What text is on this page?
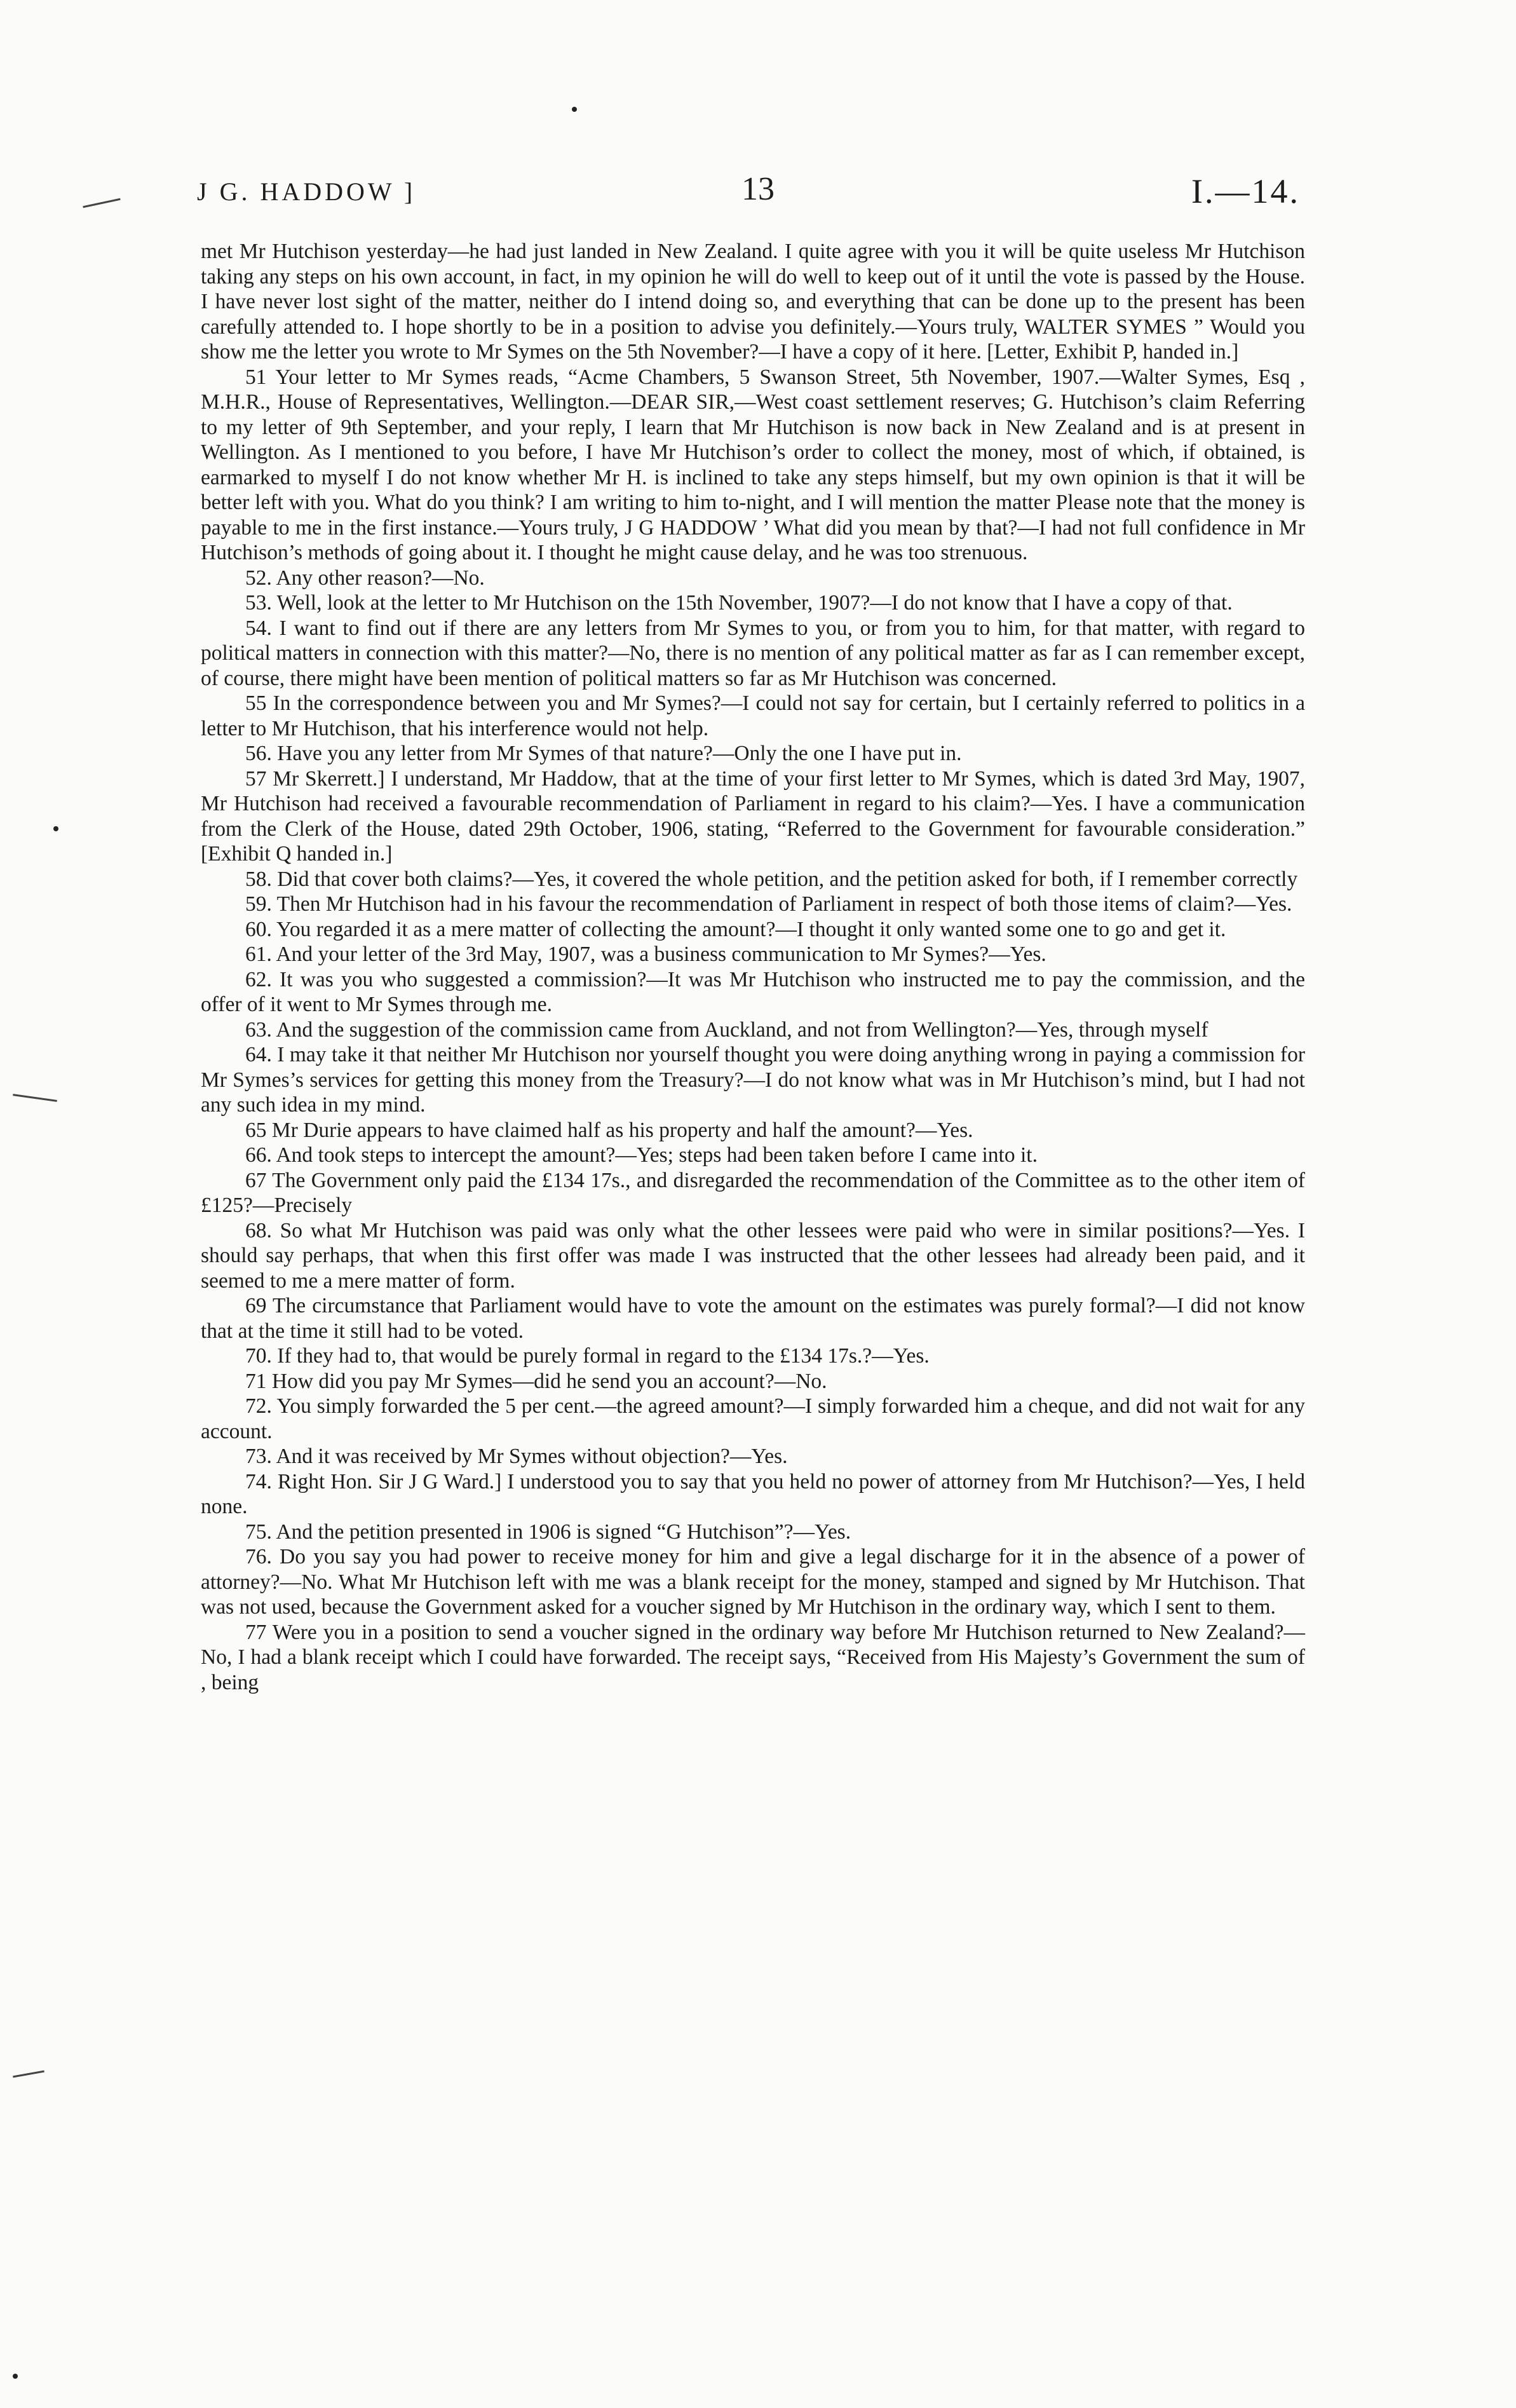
J G. HADDOW ]	13	I.—14.

met Mr Hutchison yesterday—he had just landed in New Zealand. I quite agree with you it will be quite useless Mr Hutchison taking any steps on his own account, in fact, in my opinion he will do well to keep out of it until the vote is passed by the House. I have never lost sight of the matter, neither do I intend doing so, and everything that can be done up to the present has been carefully attended to. I hope shortly to be in a position to advise you definitely.—Yours truly, WALTER SYMES ” Would you show me the letter you wrote to Mr Symes on the 5th November?—I have a copy of it here. [Letter, Exhibit P, handed in.]

51 Your letter to Mr Symes reads, “Acme Chambers, 5 Swanson Street, 5th November, 1907.—Walter Symes, Esq , M.H.R., House of Representatives, Wellington.—DEAR SIR,—West coast settlement reserves; G. Hutchison’s claim Referring to my letter of 9th September, and your reply, I learn that Mr Hutchison is now back in New Zealand and is at present in Wellington. As I mentioned to you before, I have Mr Hutchison’s order to collect the money, most of which, if obtained, is earmarked to myself I do not know whether Mr H. is inclined to take any steps himself, but my own opinion is that it will be better left with you. What do you think? I am writing to him to-night, and I will mention the matter Please note that the money is payable to me in the first instance.—Yours truly, J G HADDOW ’ What did you mean by that?—I had not full confidence in Mr Hutchison’s methods of going about it. I thought he might cause delay, and he was too strenuous.

52. Any other reason?—No.

53. Well, look at the letter to Mr Hutchison on the 15th November, 1907?—I do not know that I have a copy of that.

54. I want to find out if there are any letters from Mr Symes to you, or from you to him, for that matter, with regard to political matters in connection with this matter?—No, there is no mention of any political matter as far as I can remember except, of course, there might have been mention of political matters so far as Mr Hutchison was concerned.

55 In the correspondence between you and Mr Symes?—I could not say for certain, but I certainly referred to politics in a letter to Mr Hutchison, that his interference would not help.

56. Have you any letter from Mr Symes of that nature?—Only the one I have put in.

57 Mr Skerrett.] I understand, Mr Haddow, that at the time of your first letter to Mr Symes, which is dated 3rd May, 1907, Mr Hutchison had received a favourable recommendation of Parliament in regard to his claim?—Yes. I have a communication from the Clerk of the House, dated 29th October, 1906, stating, “Referred to the Government for favourable consideration.” [Exhibit Q handed in.]

58. Did that cover both claims?—Yes, it covered the whole petition, and the petition asked for both, if I remember correctly

59. Then Mr Hutchison had in his favour the recommendation of Parliament in respect of both those items of claim?—Yes.

60. You regarded it as a mere matter of collecting the amount?—I thought it only wanted some one to go and get it.

61. And your letter of the 3rd May, 1907, was a business communication to Mr Symes?—Yes.

62. It was you who suggested a commission?—It was Mr Hutchison who instructed me to pay the commission, and the offer of it went to Mr Symes through me.

63. And the suggestion of the commission came from Auckland, and not from Wellington?—Yes, through myself

64. I may take it that neither Mr Hutchison nor yourself thought you were doing anything wrong in paying a commission for Mr Symes’s services for getting this money from the Treasury?—I do not know what was in Mr Hutchison’s mind, but I had not any such idea in my mind.

65 Mr Durie appears to have claimed half as his property and half the amount?—Yes.

66. And took steps to intercept the amount?—Yes; steps had been taken before I came into it.

67 The Government only paid the £134 17s., and disregarded the recommendation of the Committee as to the other item of £125?—Precisely

68. So what Mr Hutchison was paid was only what the other lessees were paid who were in similar positions?—Yes. I should say perhaps, that when this first offer was made I was instructed that the other lessees had already been paid, and it seemed to me a mere matter of form.

69 The circumstance that Parliament would have to vote the amount on the estimates was purely formal?—I did not know that at the time it still had to be voted.

70. If they had to, that would be purely formal in regard to the £134 17s.?—Yes.

71 How did you pay Mr Symes—did he send you an account?—No.

72. You simply forwarded the 5 per cent.—the agreed amount?—I simply forwarded him a cheque, and did not wait for any account.

73. And it was received by Mr Symes without objection?—Yes.

74. Right Hon. Sir J G Ward.] I understood you to say that you held no power of attorney from Mr Hutchison?—Yes, I held none.

75. And the petition presented in 1906 is signed “G Hutchison”?—Yes.

76. Do you say you had power to receive money for him and give a legal discharge for it in the absence of a power of attorney?—No. What Mr Hutchison left with me was a blank receipt for the money, stamped and signed by Mr Hutchison. That was not used, because the Government asked for a voucher signed by Mr Hutchison in the ordinary way, which I sent to them.

77 Were you in a position to send a voucher signed in the ordinary way before Mr Hutchison returned to New Zealand?—No, I had a blank receipt which I could have forwarded. The receipt says, “Received from His Majesty’s Government the sum of , being
